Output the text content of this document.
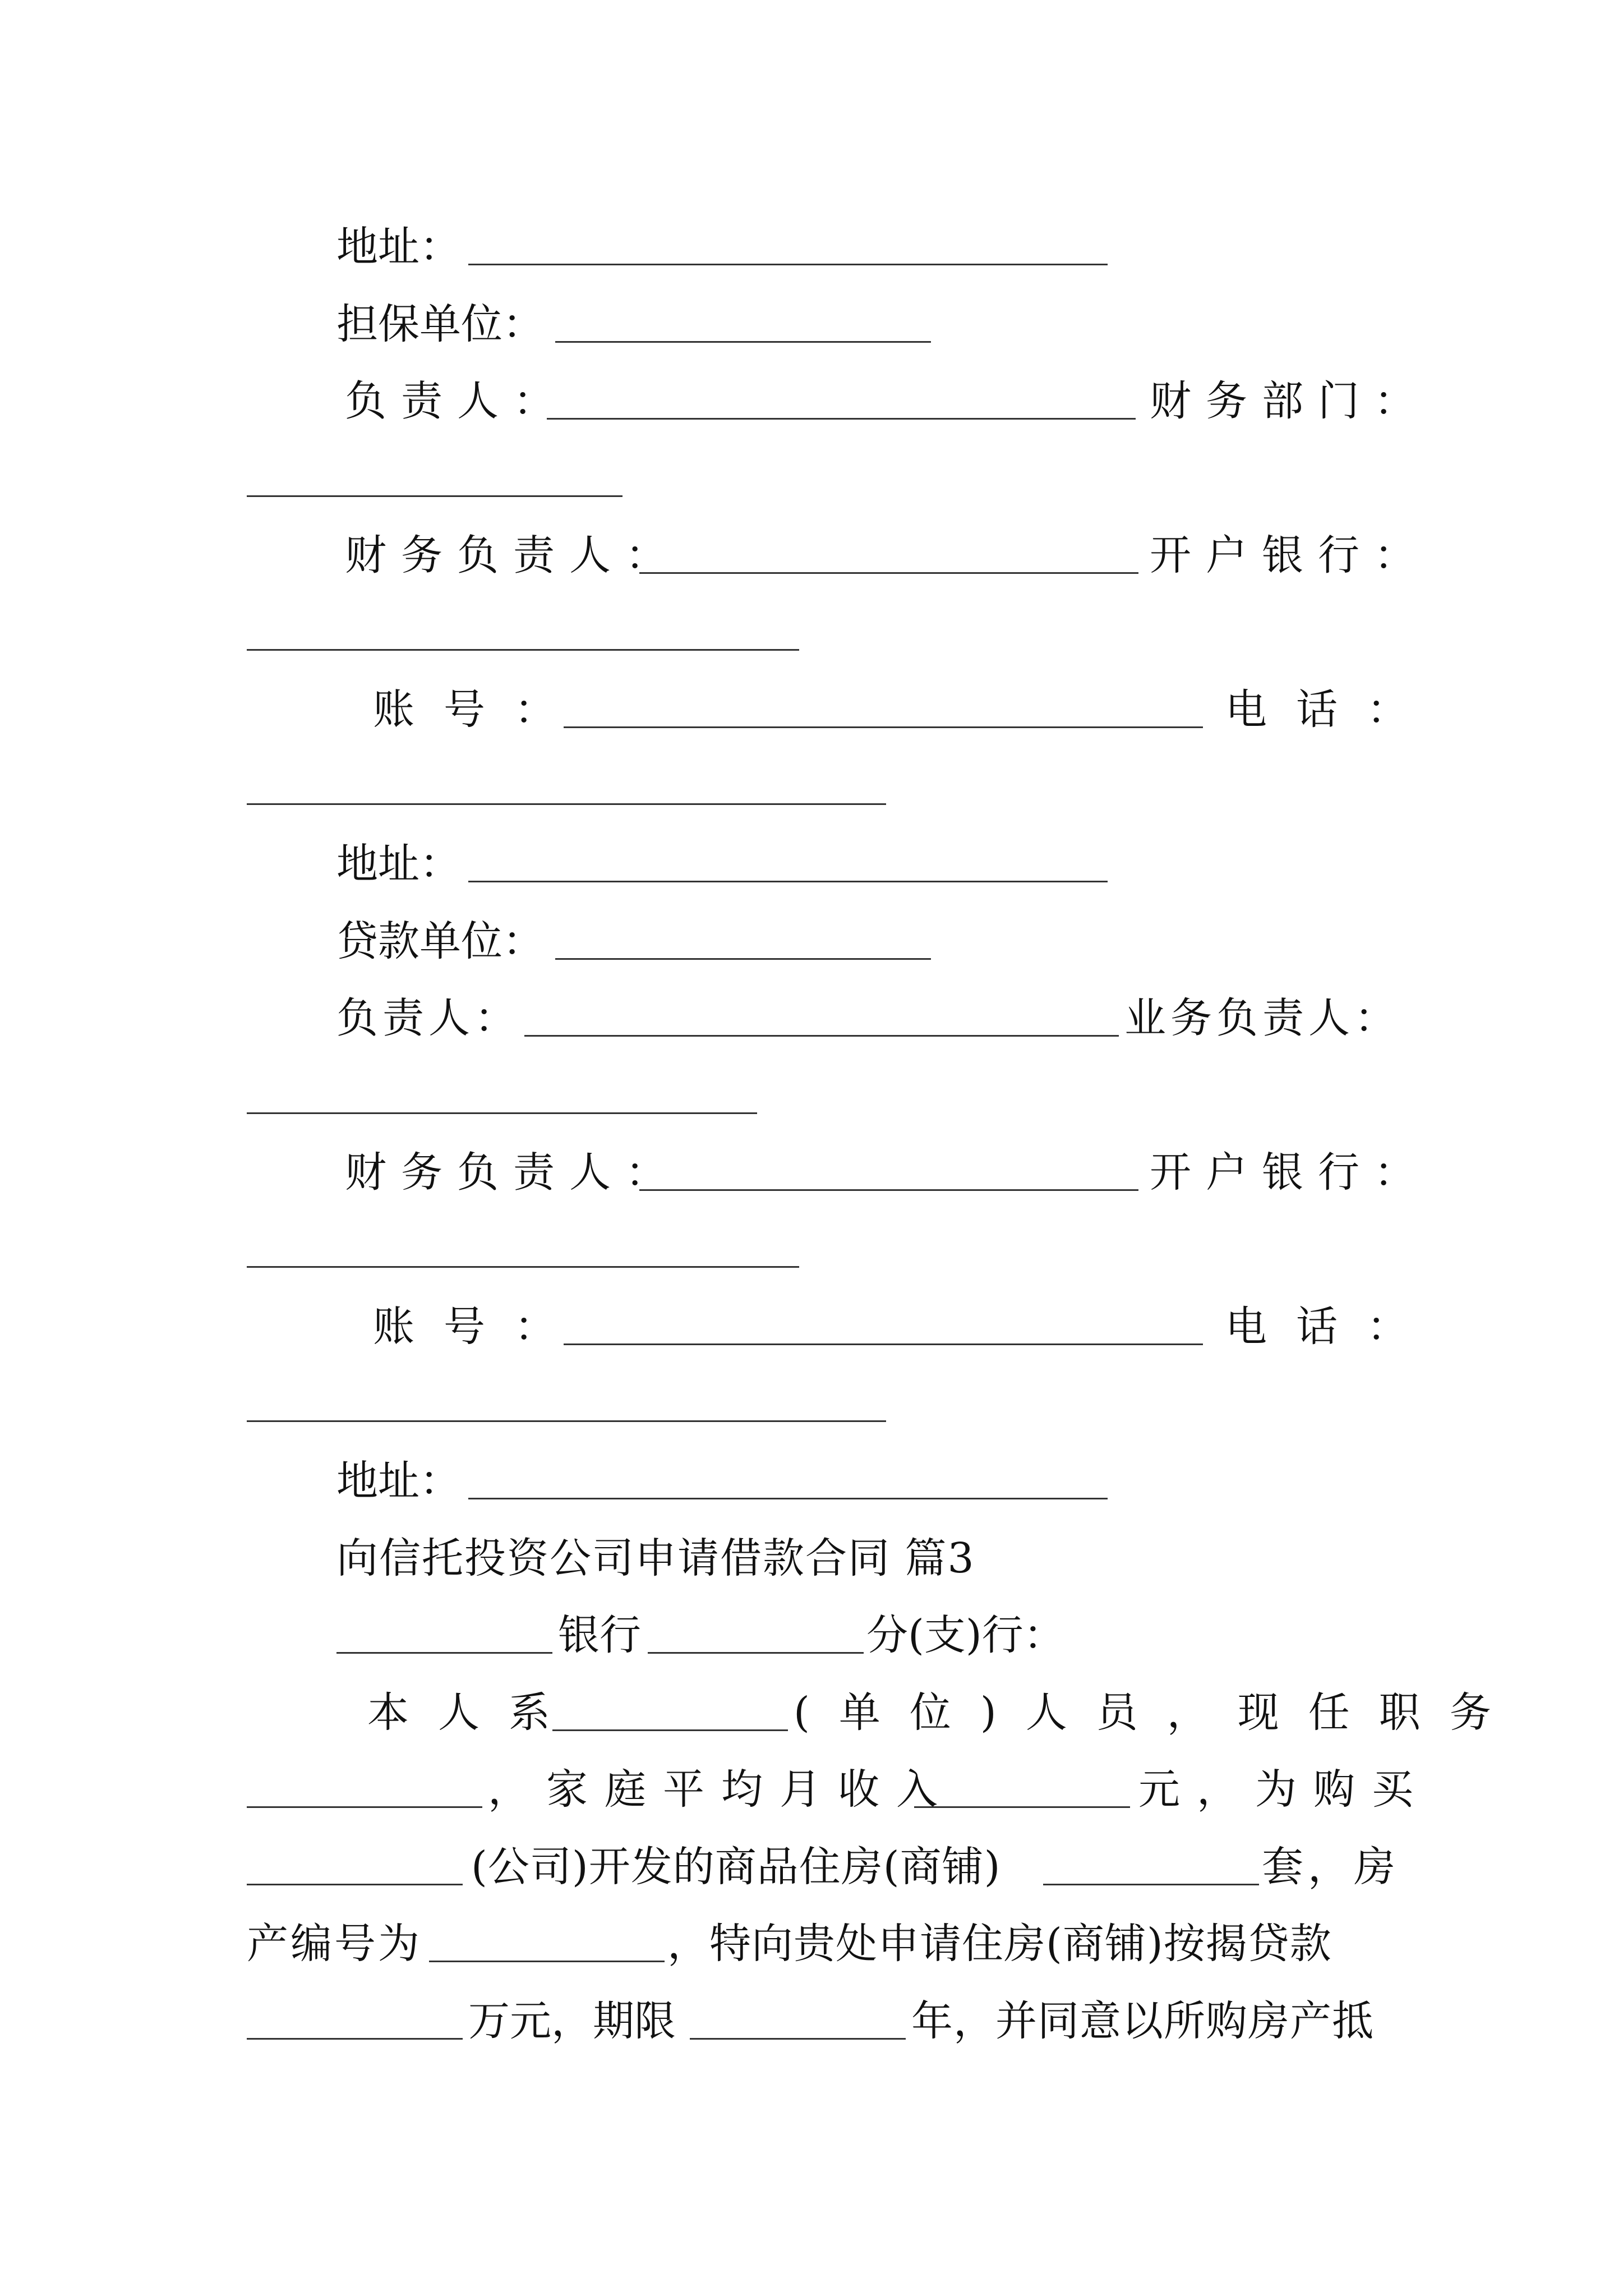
地址：
担保单位：
负责人：	财务部门：
财务负责人：	开户银行：
账号：	电话：
地址：
贷款单位：
负责人：	业务负责人：
财务负责人：	开户银行：
账号：	电话：
地址：
向信托投资公司申请借款合同 篇3
银行	分(支)行：
本人系	(单位)人员，现任职务
，家庭平均月收入	元，为购买
(公司)开发的商品住房(商铺)	套，房
产编号为	，特向贵处申请住房(商铺)按揭贷款
万元，期限	年，并同意以所购房产抵
